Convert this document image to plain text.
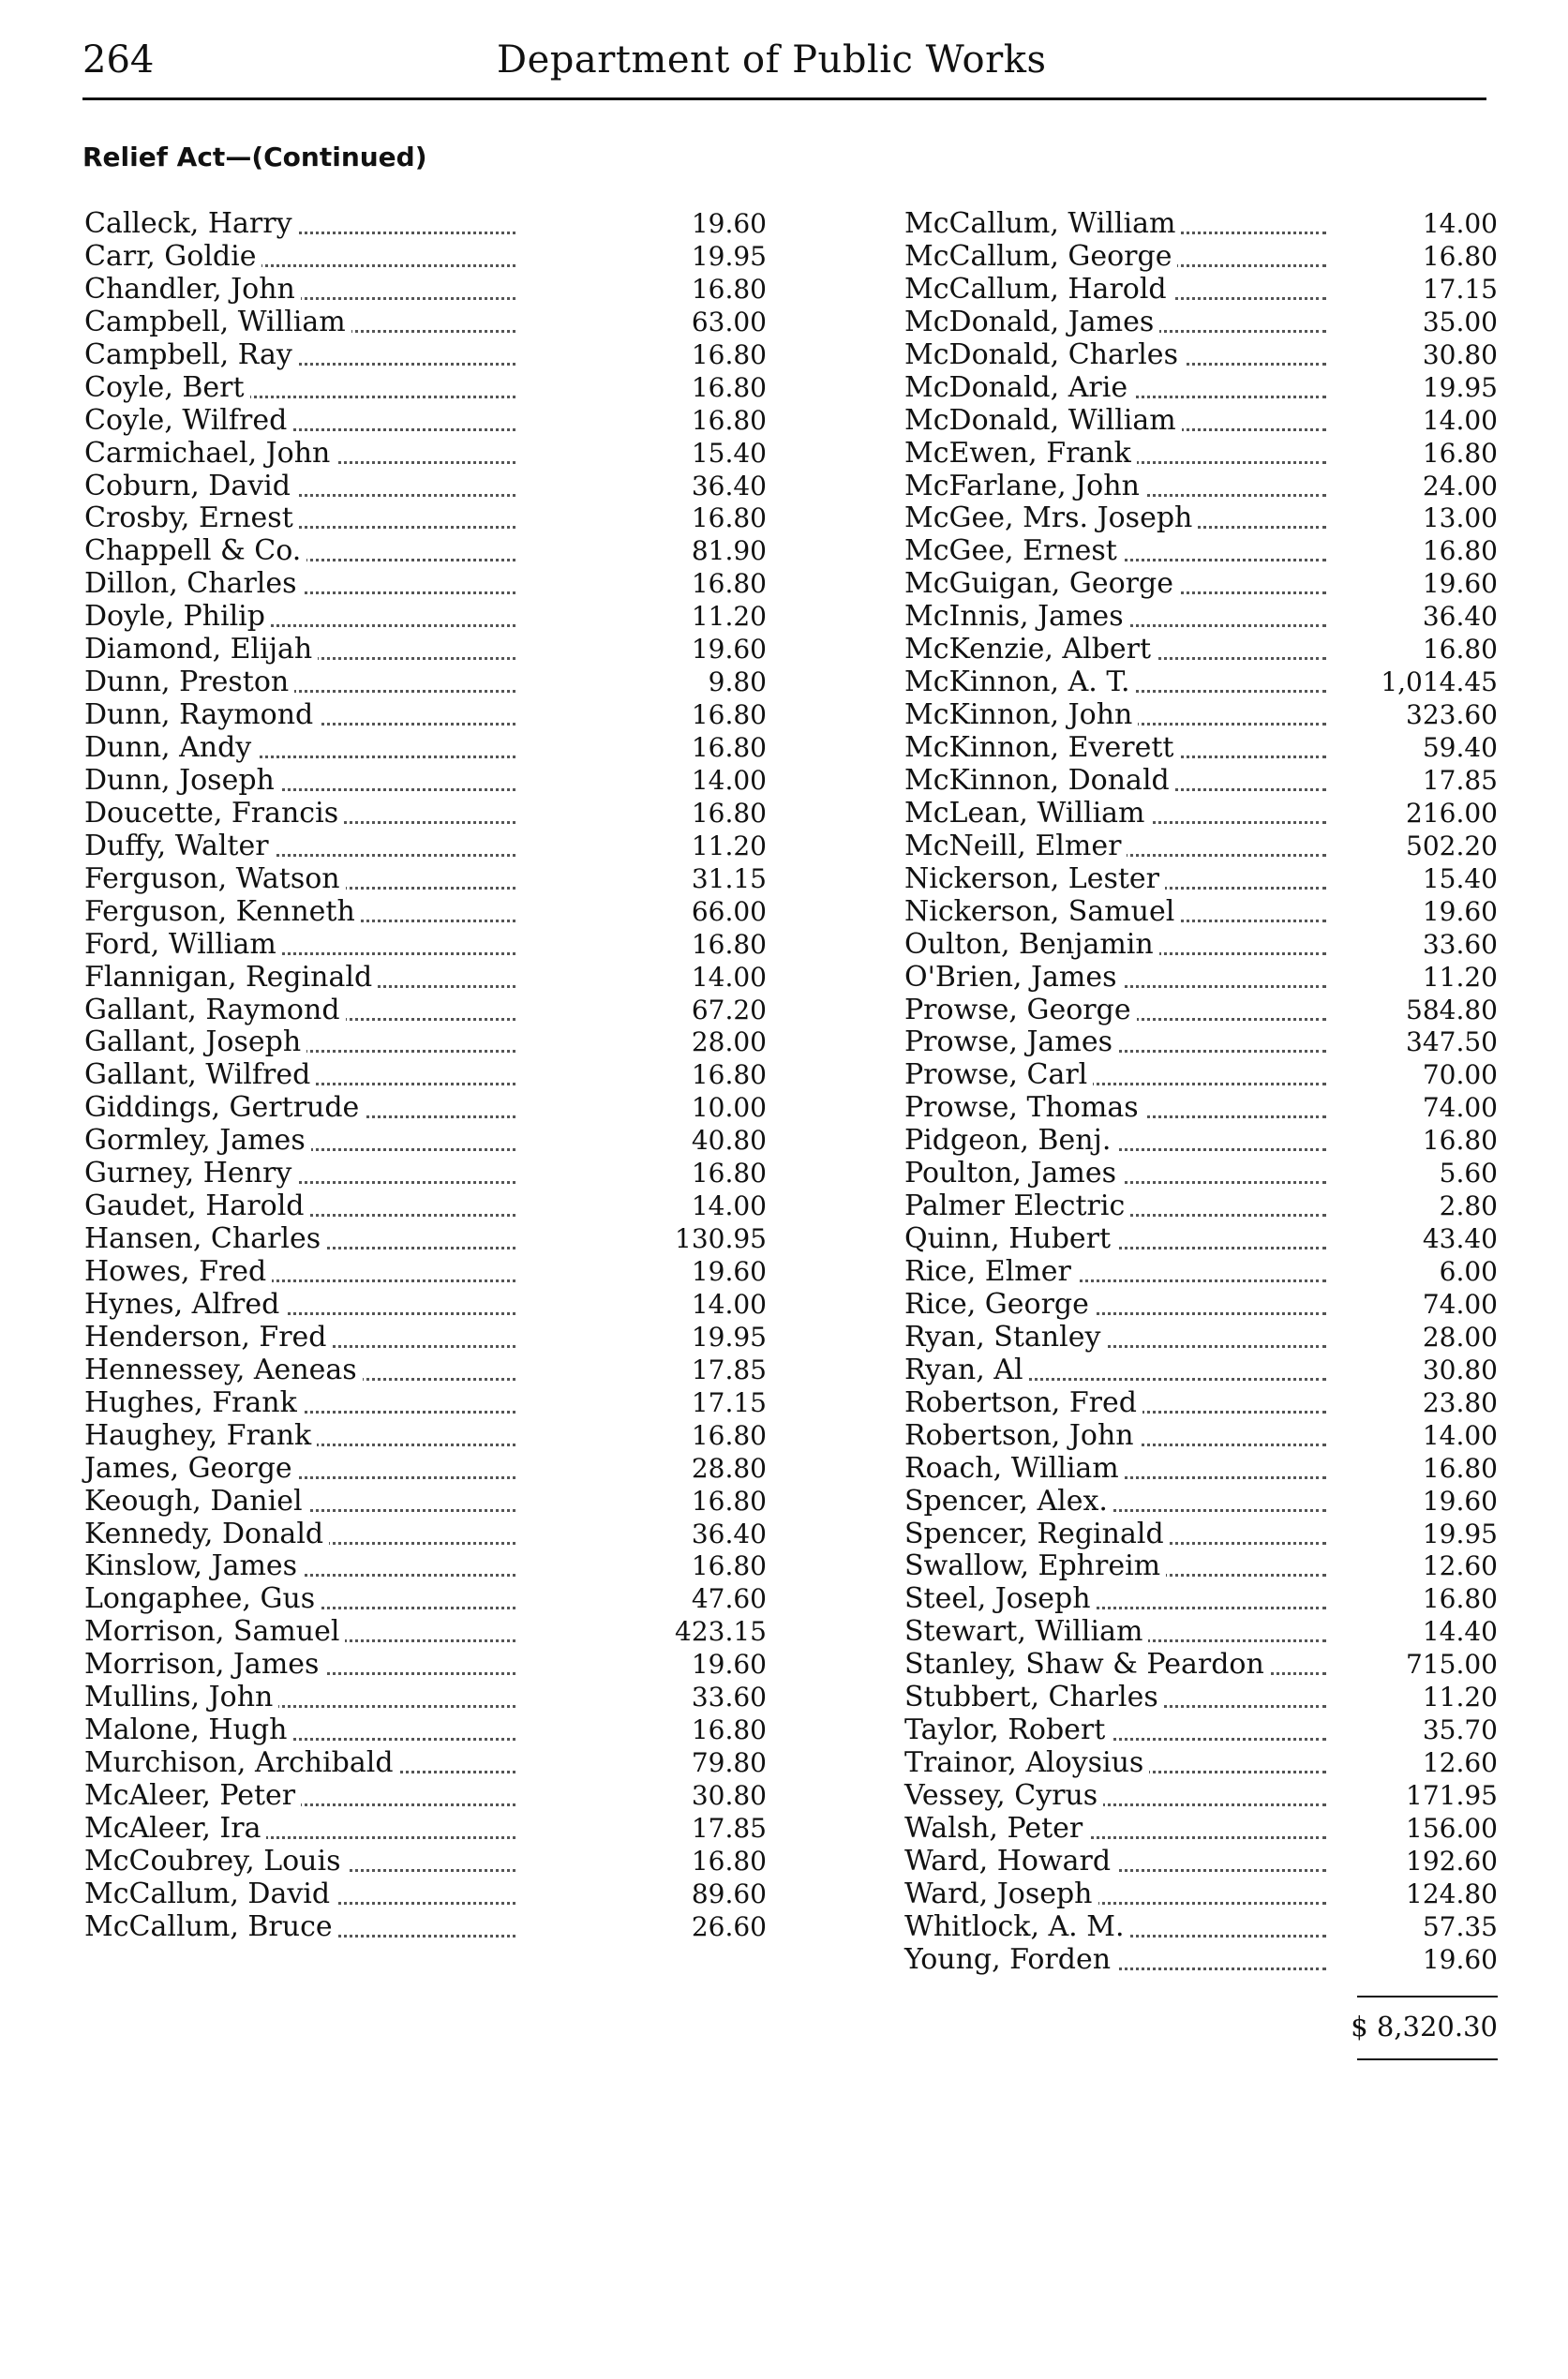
264	Department of Public Works
Relief Act—(Continued)
Calleck, Harry	19.60
Carr, Goldie	19.95
Chandler, John	16.80
Campbell, William	63.00
Campbell, Ray	16.80
Coyle, Bert	16.80
Coyle, Wilfred	16.80
Carmichael, John	15.40
Coburn, David	36.40
Crosby, Ernest	16.80
Chappell & Co.	81.90
Dillon, Charles	16.80
Doyle, Philip	11.20
Diamond, Elijah	19.60
Dunn, Preston	9.80
Dunn, Raymond	16.80
Dunn, Andy	16.80
Dunn, Joseph	14.00
Doucette, Francis	16.80
Duffy, Walter	11.20
Ferguson, Watson	31.15
Ferguson, Kenneth	66.00
Ford, William	16.80
Flannigan, Reginald	14.00
Gallant, Raymond	67.20
Gallant, Joseph	28.00
Gallant, Wilfred	16.80
Giddings, Gertrude	10.00
Gormley, James	40.80
Gurney, Henry	16.80
Gaudet, Harold	14.00
Hansen, Charles	130.95
Howes, Fred	19.60
Hynes, Alfred	14.00
Henderson, Fred	19.95
Hennessey, Aeneas	17.85
Hughes, Frank	17.15
Haughey, Frank	16.80
James, George	28.80
Keough, Daniel	16.80
Kennedy, Donald	36.40
Kinslow, James	16.80
Longaphee, Gus	47.60
Morrison, Samuel	423.15
Morrison, James	19.60
Mullins, John	33.60
Malone, Hugh	16.80
Murchison, Archibald	79.80
McAleer, Peter	30.80
McAleer, Ira	17.85
McCoubrey, Louis	16.80
McCallum, David	89.60
McCallum, Bruce	26.60
McCallum, William	14.00
McCallum, George	16.80
McCallum, Harold	17.15
McDonald, James	35.00
McDonald, Charles	30.80
McDonald, Arie	19.95
McDonald, William	14.00
McEwen, Frank	16.80
McFarlane, John	24.00
McGee, Mrs. Joseph	13.00
McGee, Ernest	16.80
McGuigan, George	19.60
McInnis, James	36.40
McKenzie, Albert	16.80
McKinnon, A. T.	1,014.45
McKinnon, John	323.60
McKinnon, Everett	59.40
McKinnon, Donald	17.85
McLean, William	216.00
McNeill, Elmer	502.20
Nickerson, Lester	15.40
Nickerson, Samuel	19.60
Oulton, Benjamin	33.60
O'Brien, James	11.20
Prowse, George	584.80
Prowse, James	347.50
Prowse, Carl	70.00
Prowse, Thomas	74.00
Pidgeon, Benj.	16.80
Poulton, James	5.60
Palmer Electric	2.80
Quinn, Hubert	43.40
Rice, Elmer	6.00
Rice, George	74.00
Ryan, Stanley	28.00
Ryan, Al	30.80
Robertson, Fred	23.80
Robertson, John	14.00
Roach, William	16.80
Spencer, Alex.	19.60
Spencer, Reginald	19.95
Swallow, Ephreim	12.60
Steel, Joseph	16.80
Stewart, William	14.40
Stanley, Shaw & Peardon	715.00
Stubbert, Charles	11.20
Taylor, Robert	35.70
Trainor, Aloysius	12.60
Vessey, Cyrus	171.95
Walsh, Peter	156.00
Ward, Howard	192.60
Ward, Joseph	124.80
Whitlock, A. M.	57.35
Young, Forden	19.60
$ 8,320.30
